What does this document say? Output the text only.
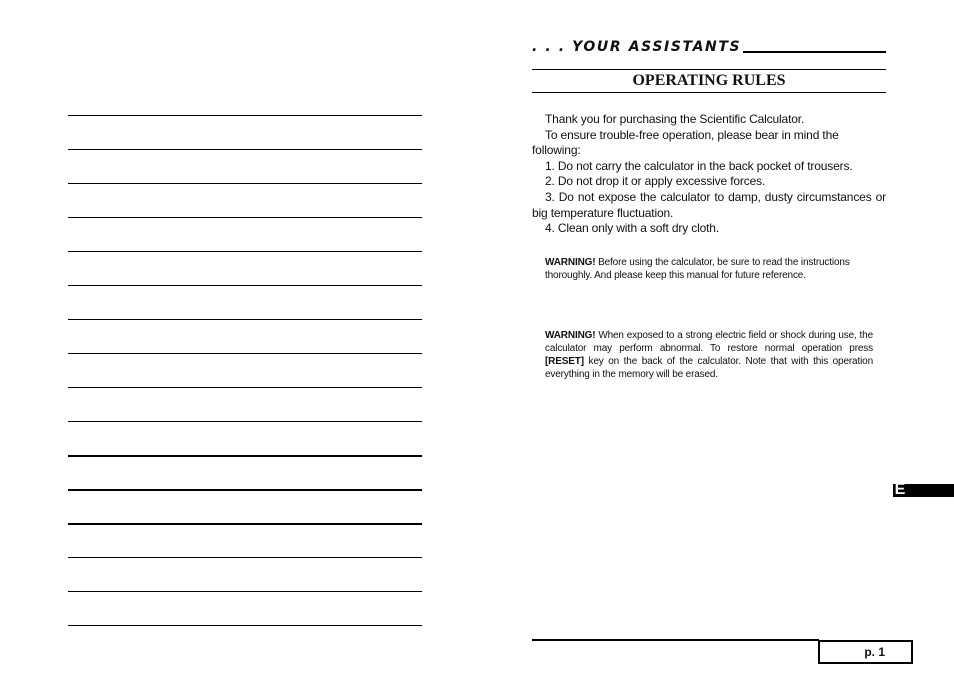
. . . YOUR ASSISTANTS
OPERATING RULES

Thank you for purchasing the Scientific Calculator.

To ensure trouble-free operation, please bear in mind the following:

1. Do not carry the calculator in the back pocket of trousers.

2. Do not drop it or apply excessive forces.

3. Do not expose the calculator to damp, dusty circumstances or big temperature fluctuation.

4. Clean only with a soft dry cloth.

WARNING! Before using the calculator, be sure to read the instructions thoroughly. And please keep this manual for future reference.
WARNING! When exposed to a strong electric field or shock during use, the calculator may perform abnormal. To restore normal operation press [RESET] key on the back of the calculator. Note that with this operation everything in the memory will be erased.
E
p. 1
